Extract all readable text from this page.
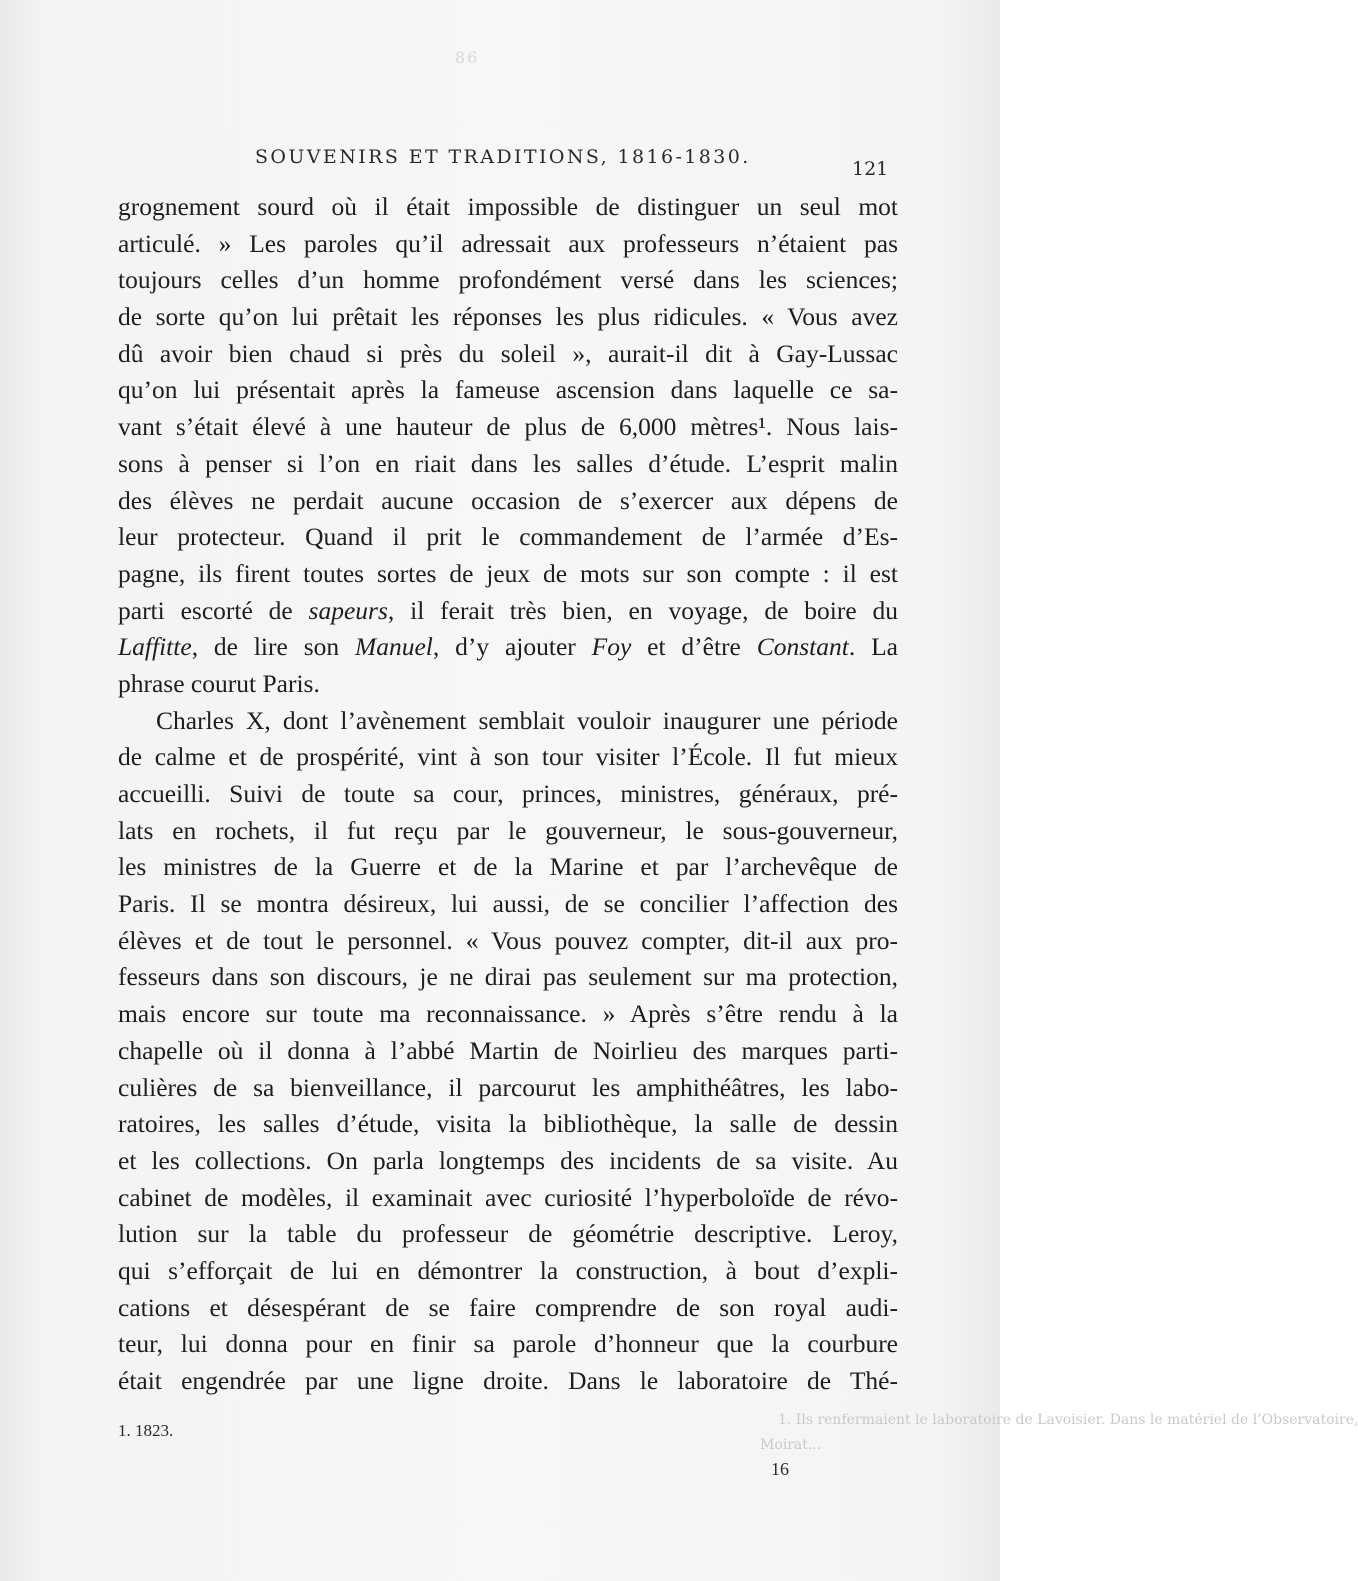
86
SOUVENIRS ET TRADITIONS, 1816-1830.
121
grognement sourd où il était impossible de distinguer un seul mot
articulé. » Les paroles qu’il adressait aux professeurs n’étaient pas
toujours celles d’un homme profondément versé dans les sciences;
de sorte qu’on lui prêtait les réponses les plus ridicules. « Vous avez
dû avoir bien chaud si près du soleil », aurait-il dit à Gay-Lussac
qu’on lui présentait après la fameuse ascension dans laquelle ce sa-
vant s’était élevé à une hauteur de plus de 6,000 mètres¹. Nous lais-
sons à penser si l’on en riait dans les salles d’étude. L’esprit malin
des élèves ne perdait aucune occasion de s’exercer aux dépens de
leur protecteur. Quand il prit le commandement de l’armée d’Es-
pagne, ils firent toutes sortes de jeux de mots sur son compte : il est
parti escorté de sapeurs, il ferait très bien, en voyage, de boire du
Laffitte, de lire son Manuel, d’y ajouter Foy et d’être Constant. La
phrase courut Paris.
Charles X, dont l’avènement semblait vouloir inaugurer une période
de calme et de prospérité, vint à son tour visiter l’École. Il fut mieux
accueilli. Suivi de toute sa cour, princes, ministres, généraux, pré-
lats en rochets, il fut reçu par le gouverneur, le sous-gouverneur,
les ministres de la Guerre et de la Marine et par l’archevêque de
Paris. Il se montra désireux, lui aussi, de se concilier l’affection des
élèves et de tout le personnel. « Vous pouvez compter, dit-il aux pro-
fesseurs dans son discours, je ne dirai pas seulement sur ma protection,
mais encore sur toute ma reconnaissance. » Après s’être rendu à la
chapelle où il donna à l’abbé Martin de Noirlieu des marques parti-
culières de sa bienveillance, il parcourut les amphithéâtres, les labo-
ratoires, les salles d’étude, visita la bibliothèque, la salle de dessin
et les collections. On parla longtemps des incidents de sa visite. Au
cabinet de modèles, il examinait avec curiosité l’hyperboloïde de révo-
lution sur la table du professeur de géométrie descriptive. Leroy,
qui s’efforçait de lui en démontrer la construction, à bout d’expli-
cations et désespérant de se faire comprendre de son royal audi-
teur, lui donna pour en finir sa parole d’honneur que la courbure
était engendrée par une ligne droite. Dans le laboratoire de Thé-
1. Ils renfermaient le laboratoire de Lavoisier. Dans le matériel de l’Observatoire,
Moirat...
1. 1823.
16
